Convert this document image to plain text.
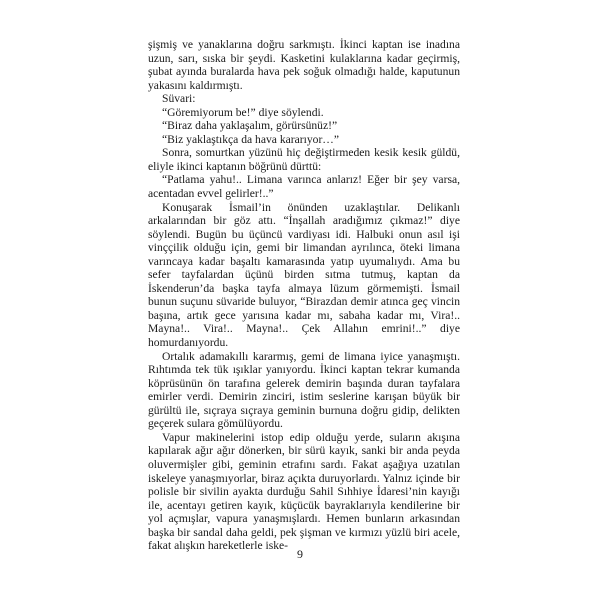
şişmiş ve yanaklarına doğru sarkmıştı. İkinci kaptan ise inadına uzun, sarı, sıska bir şeydi. Kasketini kulaklarına kadar geçirmiş, şubat ayında buralarda hava pek soğuk olmadığı halde, kaputunun yakasını kaldırmıştı.

Süvari:

“Göremiyorum be!” diye söylendi.

“Biraz daha yaklaşalım, görürsünüz!”

“Biz yaklaştıkça da hava kararıyor…”

Sonra, somurtkan yüzünü hiç değiştirmeden kesik kesik güldü, eliyle ikinci kaptanın böğrünü dürttü:

“Patlama yahu!.. Limana varınca anlarız! Eğer bir şey varsa, acentadan evvel gelirler!..”

Konuşarak İsmail’in önünden uzaklaştılar. Delikanlı arkalarından bir göz attı. “İnşallah aradığımız çıkmaz!” diye söylendi. Bugün bu üçüncü vardiyası idi. Halbuki onun asıl işi vinççilik olduğu için, gemi bir limandan ayrılınca, öteki limana varıncaya kadar başaltı kamarasında yatıp uyumalıydı. Ama bu sefer tayfalardan üçünü birden sıtma tutmuş, kaptan da İskenderun’da başka tayfa almaya lüzum görmemişti. İsmail bunun suçunu süvaride buluyor, “Birazdan demir atınca geç vincin başına, artık gece yarısına kadar mı, sabaha kadar mı, Vira!.. Mayna!.. Vira!.. Mayna!.. Çek Allahın emrini!..” diye homurdanıyordu.

Ortalık adamakıllı kararmış, gemi de limana iyice yanaşmıştı. Rıhtımda tek tük ışıklar yanıyordu. İkinci kaptan tekrar kumanda köprüsünün ön tarafına gelerek demirin başında duran tayfalara emirler verdi. Demirin zinciri, istim seslerine karışan büyük bir gürültü ile, sıçraya sıçraya geminin burnuna doğru gidip, delikten geçerek sulara gömülüyordu.

Vapur makinelerini istop edip olduğu yerde, suların akışına kapılarak ağır ağır dönerken, bir sürü kayık, sanki bir anda peyda oluvermişler gibi, geminin etrafını sardı. Fakat aşağıya uzatılan iskeleye yanaşmıyorlar, biraz açıkta duruyorlardı. Yalnız içinde bir polisle bir sivilin ayakta durduğu Sahil Sıhhiye İdaresi’nin kayığı ile, acentayı getiren kayık, küçücük bayraklarıyla kendilerine bir yol açmışlar, vapura yanaşmışlardı. Hemen bunların arkasından başka bir sandal daha geldi, pek şişman ve kırmızı yüzlü biri acele, fakat alışkın hareketlerle iske-

9
